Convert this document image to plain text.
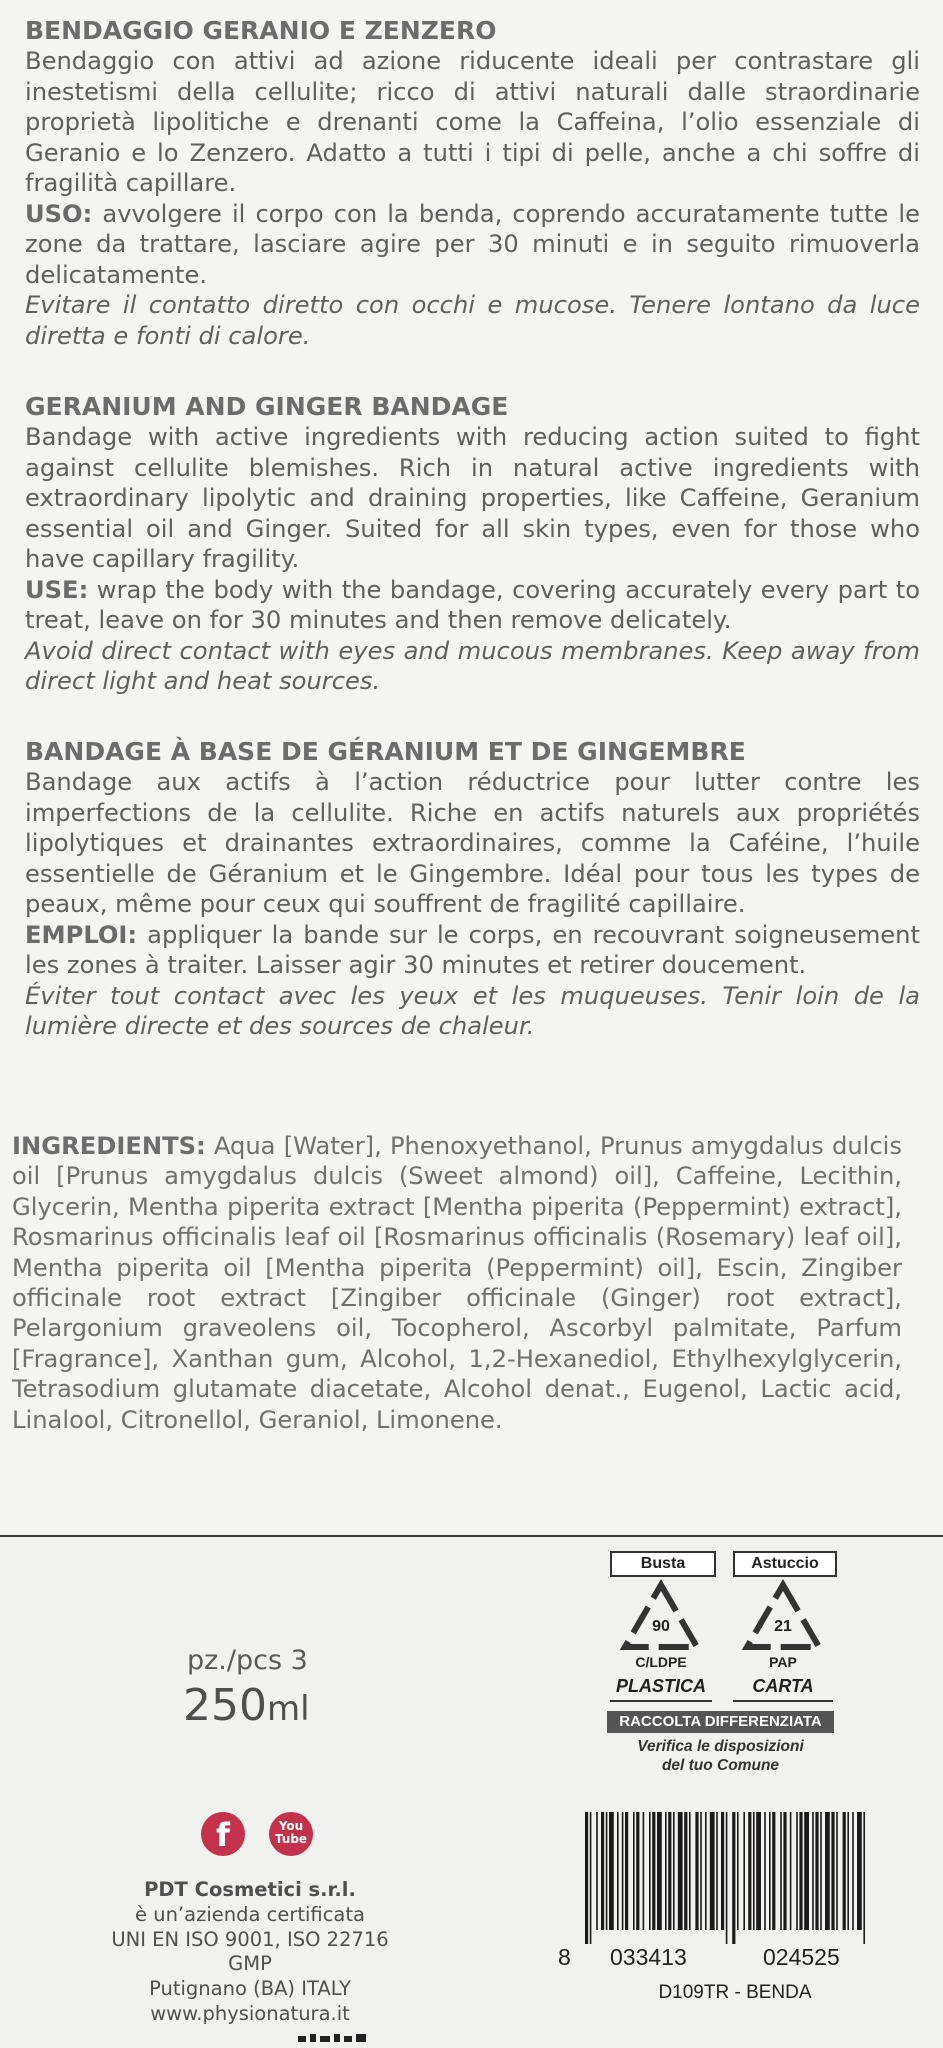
BENDAGGIO GERANIO E ZENZERO

Bendaggio con attivi ad azione riducente ideali per contrastare gli inestetismi della cellulite; ricco di attivi naturali dalle straordinarie proprietà lipolitiche e drenanti come la Caffeina, l’olio essenziale di Geranio e lo Zenzero. Adatto a tutti i tipi di pelle, anche a chi soffre di fragilità capillare.

USO: avvolgere il corpo con la benda, coprendo accuratamente tutte le zone da trattare, lasciare agire per 30 minuti e in seguito rimuoverla delicatamente.

Evitare il contatto diretto con occhi e mucose. Tenere lontano da luce diretta e fonti di calore.

GERANIUM AND GINGER BANDAGE

Bandage with active ingredients with reducing action suited to fight against cellulite blemishes. Rich in natural active ingredients with extraordinary lipolytic and draining properties, like Caffeine, Geranium essential oil and Ginger. Suited for all skin types, even for those who have capillary fragility.

USE: wrap the body with the bandage, covering accurately every part to treat, leave on for 30 minutes and then remove delicately.

Avoid direct contact with eyes and mucous membranes. Keep away from direct light and heat sources.

BANDAGE À BASE DE GÉRANIUM ET DE GINGEMBRE

Bandage aux actifs à l’action réductrice pour lutter contre les imperfections de la cellulite. Riche en actifs naturels aux propriétés lipolytiques et drainantes extraordinaires, comme la Caféine, l’huile essentielle de Géranium et le Gingembre. Idéal pour tous les types de peaux, même pour ceux qui souffrent de fragilité capillaire.

EMPLOI: appliquer la bande sur le corps, en recouvrant soigneusement les zones à traiter. Laisser agir 30 minutes et retirer doucement.

Éviter tout contact avec les yeux et les muqueuses. Tenir loin de la lumière directe et des sources de chaleur.

INGREDIENTS: Aqua [Water], Phenoxyethanol, Prunus amygdalus dulcis oil [Prunus amygdalus dulcis (Sweet almond) oil], Caffeine, Lecithin, Glycerin, Mentha piperita extract [Mentha piperita (Peppermint) extract], Rosmarinus officinalis leaf oil [Rosmarinus officinalis (Rosemary) leaf oil], Mentha piperita oil [Mentha piperita (Peppermint) oil], Escin, Zingiber officinale root extract [Zingiber officinale (Ginger) root extract], Pelargonium graveolens oil, Tocopherol, Ascorbyl palmitate, Parfum [Fragrance], Xanthan gum, Alcohol, 1,2-Hexanediol, Ethylhexylglycerin, Tetrasodium glutamate diacetate, Alcohol denat., Eugenol, Lactic acid, Linalool, Citronellol, Geraniol, Limonene.

pz./pcs 3
250ml
f	You
Tube
PDT Cosmetici s.r.l.
è un’azienda certificata
UNI EN ISO 9001, ISO 22716 GMP
Putignano (BA) ITALY
www.physionatura.it
Busta
90
C/LDPE
PLASTICA
Astuccio
21
PAP
CARTA
RACCOLTA DIFFERENZIATA
Verifica le disposizioni
del tuo Comune
8 033413	024525
D109TR - BENDA
